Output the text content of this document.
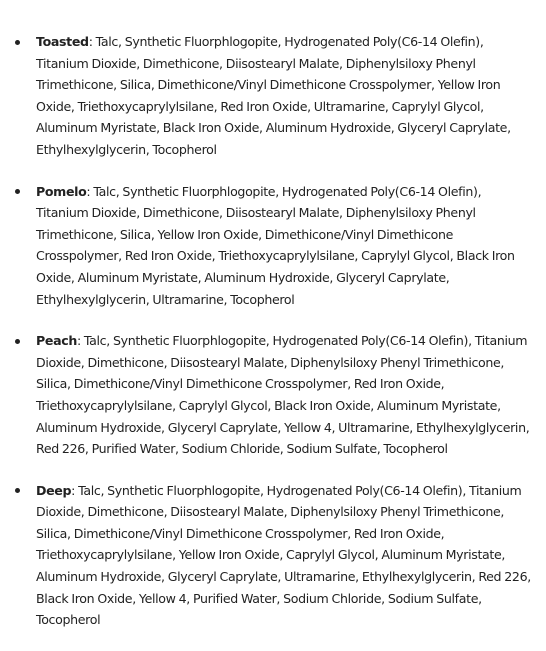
Toasted: Talc, Synthetic Fluorphlogopite, Hydrogenated Poly(C6-14 Olefin), Titanium Dioxide, Dimethicone, Diisostearyl Malate, Diphenylsiloxy Phenyl Trimethicone, Silica, Dimethicone/Vinyl Dimethicone Crosspolymer, Yellow Iron Oxide, Triethoxycaprylylsilane, Red Iron Oxide, Ultramarine, Caprylyl Glycol, Aluminum Myristate, Black Iron Oxide, Aluminum Hydroxide, Glyceryl Caprylate, Ethylhexylglycerin, Tocopherol
Pomelo: Talc, Synthetic Fluorphlogopite, Hydrogenated Poly(C6-14 Olefin), Titanium Dioxide, Dimethicone, Diisostearyl Malate, Diphenylsiloxy Phenyl Trimethicone, Silica, Yellow Iron Oxide, Dimethicone/Vinyl Dimethicone Crosspolymer, Red Iron Oxide, Triethoxycaprylylsilane, Caprylyl Glycol, Black Iron Oxide, Aluminum Myristate, Aluminum Hydroxide, Glyceryl Caprylate, Ethylhexylglycerin, Ultramarine, Tocopherol
Peach: Talc, Synthetic Fluorphlogopite, Hydrogenated Poly(C6-14 Olefin), Titanium Dioxide, Dimethicone, Diisostearyl Malate, Diphenylsiloxy Phenyl Trimethicone, Silica, Dimethicone/Vinyl Dimethicone Crosspolymer, Red Iron Oxide, Triethoxycaprylylsilane, Caprylyl Glycol, Black Iron Oxide, Aluminum Myristate, Aluminum Hydroxide, Glyceryl Caprylate, Yellow 4, Ultramarine, Ethylhexylglycerin, Red 226, Purified Water, Sodium Chloride, Sodium Sulfate, Tocopherol
Deep: Talc, Synthetic Fluorphlogopite, Hydrogenated Poly(C6-14 Olefin), Titanium Dioxide, Dimethicone, Diisostearyl Malate, Diphenylsiloxy Phenyl Trimethicone, Silica, Dimethicone/Vinyl Dimethicone Crosspolymer, Red Iron Oxide, Triethoxycaprylylsilane, Yellow Iron Oxide, Caprylyl Glycol, Aluminum Myristate, Aluminum Hydroxide, Glyceryl Caprylate, Ultramarine, Ethylhexylglycerin, Red 226, Black Iron Oxide, Yellow 4, Purified Water, Sodium Chloride, Sodium Sulfate, Tocopherol
